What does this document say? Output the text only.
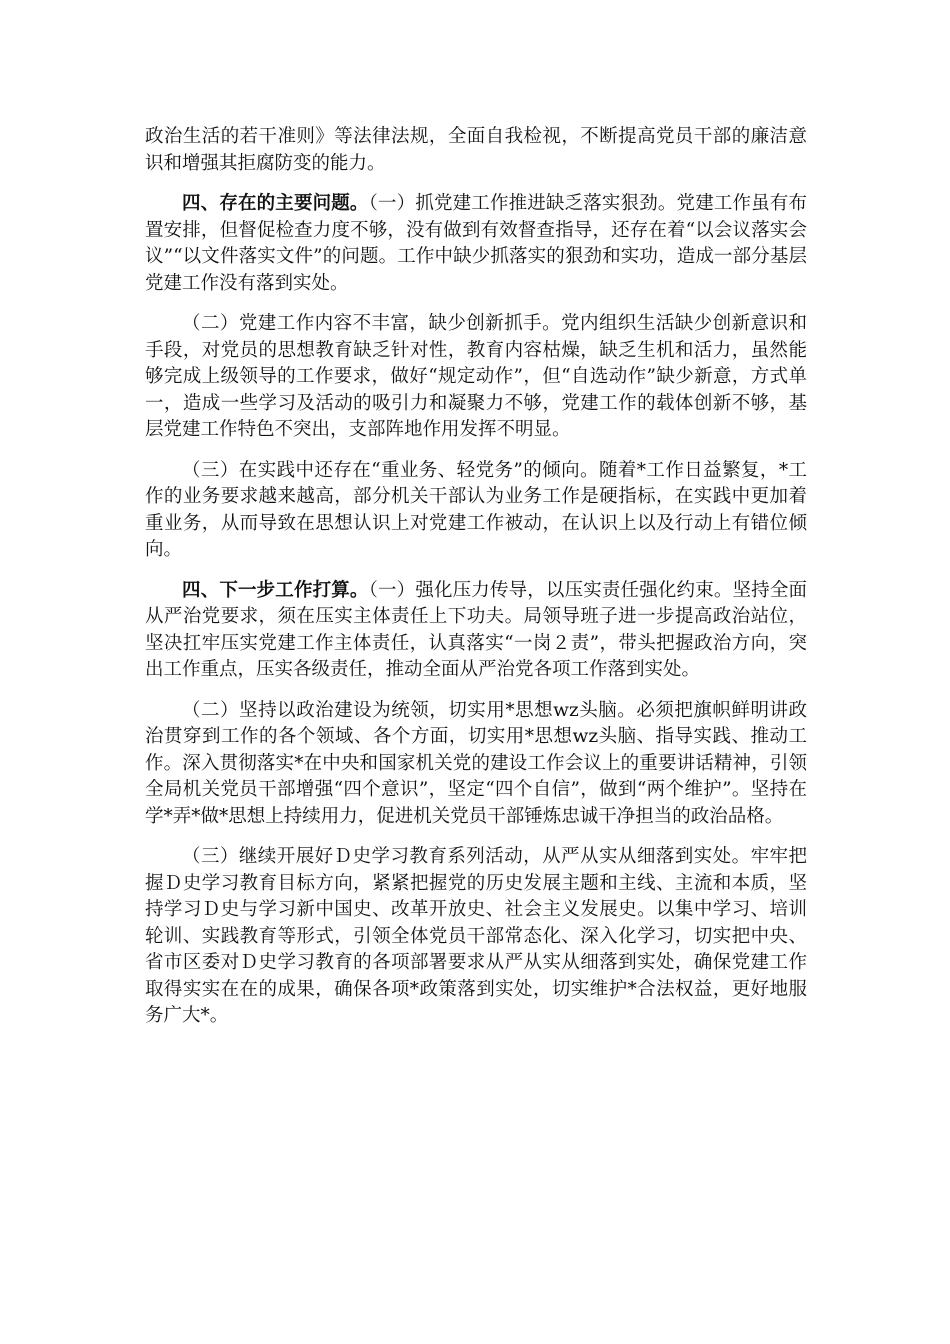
政治生活的若干准则》等法律法规，全面自我检视，不断提高党员干部的廉洁意识和增强其拒腐防变的能力。

四、存在的主要问题。（一）抓党建工作推进缺乏落实狠劲。党建工作虽有布置安排，但督促检查力度不够，没有做到有效督查指导，还存在着“以会议落实会议”“以文件落实文件”的问题。工作中缺少抓落实的狠劲和实功，造成一部分基层党建工作没有落到实处。

（二）党建工作内容不丰富，缺少创新抓手。党内组织生活缺少创新意识和手段，对党员的思想教育缺乏针对性，教育内容枯燥，缺乏生机和活力，虽然能够完成上级领导的工作要求，做好“规定动作”，但“自选动作”缺少新意，方式单一，造成一些学习及活动的吸引力和凝聚力不够，党建工作的载体创新不够，基层党建工作特色不突出，支部阵地作用发挥不明显。

（三）在实践中还存在“重业务、轻党务”的倾向。随着*工作日益繁复，*工作的业务要求越来越高，部分机关干部认为业务工作是硬指标，在实践中更加着重业务，从而导致在思想认识上对党建工作被动，在认识上以及行动上有错位倾向。

四、下一步工作打算。（一）强化压力传导，以压实责任强化约束。坚持全面从严治党要求，须在压实主体责任上下功夫。局领导班子进一步提高政治站位，坚决扛牢压实党建工作主体责任，认真落实“一岗２责”，带头把握政治方向，突出工作重点，压实各级责任，推动全面从严治党各项工作落到实处。

（二）坚持以政治建设为统领，切实用*思想wz头脑。必须把旗帜鲜明讲政治贯穿到工作的各个领域、各个方面，切实用*思想wz头脑、指导实践、推动工作。深入贯彻落实*在中央和国家机关党的建设工作会议上的重要讲话精神，引领全局机关党员干部增强“四个意识”，坚定“四个自信”，做到“两个维护”。坚持在学*弄*做*思想上持续用力，促进机关党员干部锤炼忠诚干净担当的政治品格。

（三）继续开展好Ｄ史学习教育系列活动，从严从实从细落到实处。牢牢把握Ｄ史学习教育目标方向，紧紧把握党的历史发展主题和主线、主流和本质，坚持学习Ｄ史与学习新中国史、改革开放史、社会主义发展史。以集中学习、培训轮训、实践教育等形式，引领全体党员干部常态化、深入化学习，切实把中央、省市区委对Ｄ史学习教育的各项部署要求从严从实从细落到实处，确保党建工作取得实实在在的成果，确保各项*政策落到实处，切实维护*合法权益，更好地服务广大*。
